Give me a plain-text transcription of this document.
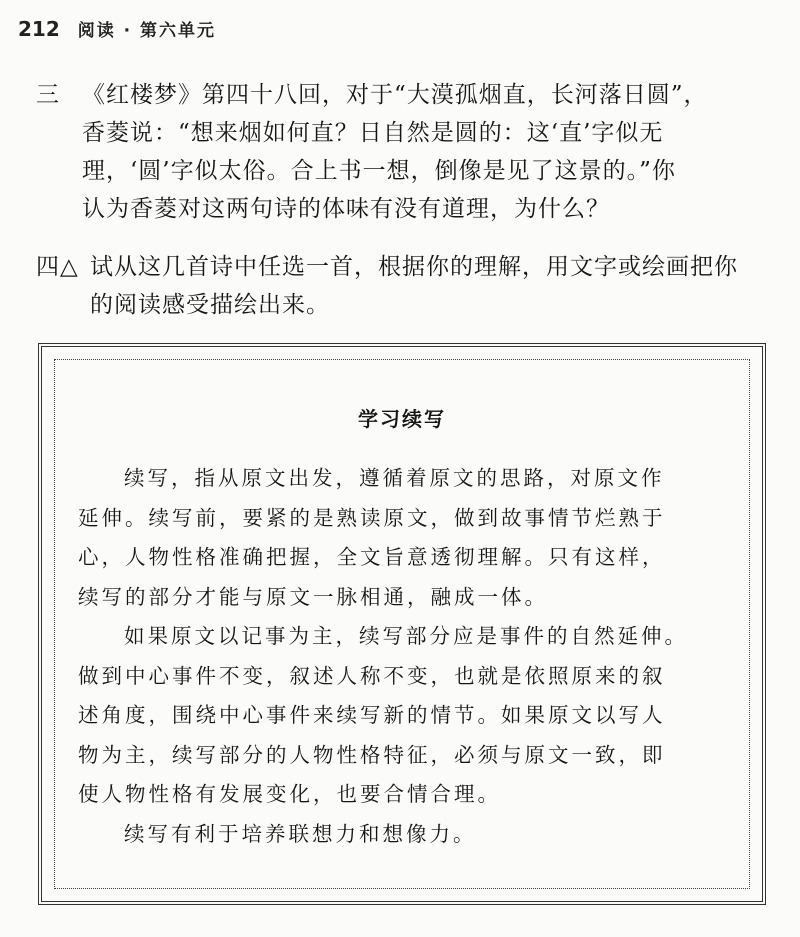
212 阅读 · 第六单元
三 《红楼梦》第四十八回，对于“大漠孤烟直，长河落日圆”，
香菱说：“想来烟如何直？日自然是圆的：这‘直’字似无
理，‘圆’字似太俗。合上书一想，倒像是见了这景的。”你
认为香菱对这两句诗的体味有没有道理，为什么？

四△ 试从这几首诗中任选一首，根据你的理解，用文字或绘画把你
的阅读感受描绘出来。

学习续写
续写，指从原文出发，遵循着原文的思路，对原文作
延伸。续写前，要紧的是熟读原文，做到故事情节烂熟于
心，人物性格准确把握，全文旨意透彻理解。只有这样，
续写的部分才能与原文一脉相通，融成一体。
如果原文以记事为主，续写部分应是事件的自然延伸。
做到中心事件不变，叙述人称不变，也就是依照原来的叙
述角度，围绕中心事件来续写新的情节。如果原文以写人
物为主，续写部分的人物性格特征，必须与原文一致，即
使人物性格有发展变化，也要合情合理。
续写有利于培养联想力和想像力。
